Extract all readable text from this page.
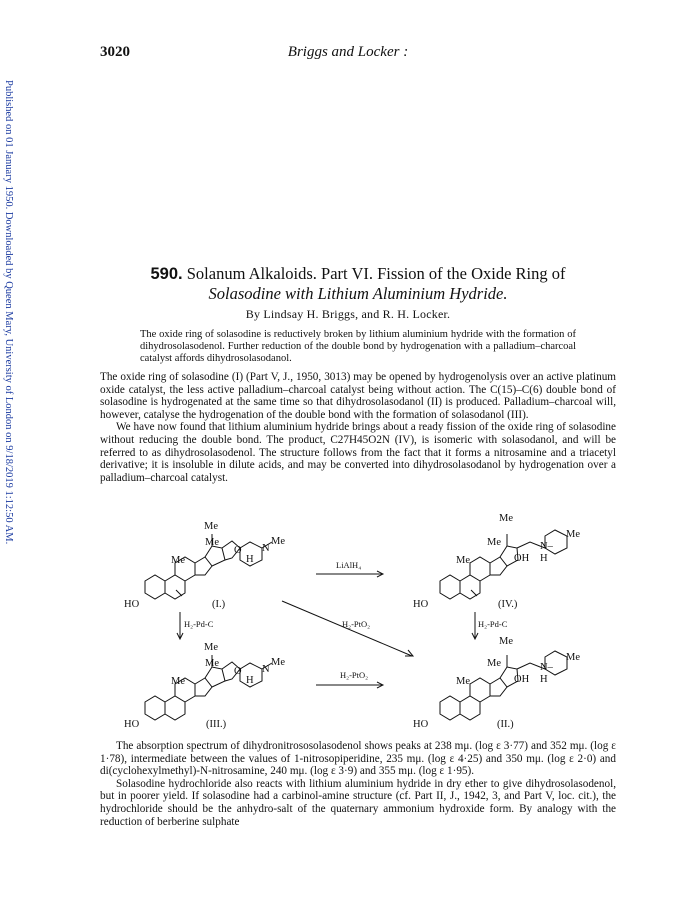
Published on 01 January 1950. Downloaded by Queen Mary, University of London on 9/18/2019 1:12:50 AM.
3020	Briggs and Locker :
590. Solanum Alkaloids. Part VI. Fission of the Oxide Ring of
Solasodine with Lithium Aluminium Hydride.
By Lindsay H. Briggs, and R. H. Locker.
The oxide ring of solasodine is reductively broken by lithium aluminium hydride with the formation of dihydrosolasodenol. Further reduction of the double bond by hydrogenation with a palladium–charcoal catalyst affords dihydrosolasodanol.

The oxide ring of solasodine (I) (Part V, J., 1950, 3013) may be opened by hydrogenolysis over an active platinum oxide catalyst, the less active palladium–charcoal catalyst being without action. The C(15)–C(6) double bond of solasodine is hydrogenated at the same time so that dihydrosolasodanol (II) is produced. Palladium–charcoal will, however, catalyse the hydrogenation of the double bond with the formation of solasodanol (III).

We have now found that lithium aluminium hydride brings about a ready fission of the oxide ring of solasodine without reducing the double bond. The product, C27H45O2N (IV), is isomeric with solasodanol, and will be referred to as dihydrosolasodenol. The structure follows from the fact that it forms a nitrosamine and a triacetyl derivative; it is insoluble in dilute acids, and may be converted into dihydrosolasodanol by hydrogenation over a palladium–charcoal catalyst.

Me
Me	Me
Me
N
O
H
HO	(I.)
Me
Me
Me
Me
N–
OH H
HO	(IV.)
Me
Me	Me
Me
N
O
H
HO	(III.)
Me
Me
Me
Me
N–
OH H
HO	(II.)
LiAlH₄
H₂-Pd-C	H₂-Pd-C
H₂-PtO₂
H₂-PtO₂

The absorption spectrum of dihydronitrososolasodenol shows peaks at 238 mμ. (log ε 3·77) and 352 mμ. (log ε 1·78), intermediate between the values of 1-nitrosopiperidine, 235 mμ. (log ε 4·25) and 350 mμ. (log ε 2·0) and di(cyclohexylmethyl)-N-nitrosamine, 240 mμ. (log ε 3·9) and 355 mμ. (log ε 1·95).

Solasodine hydrochloride also reacts with lithium aluminium hydride in dry ether to give dihydrosolasodenol, but in poorer yield. If solasodine had a carbinol-amine structure (cf. Part II, J., 1942, 3, and Part V, loc. cit.), the hydrochloride should be the anhydro-salt of the quaternary ammonium hydroxide form. By analogy with the reduction of berberine sulphate
